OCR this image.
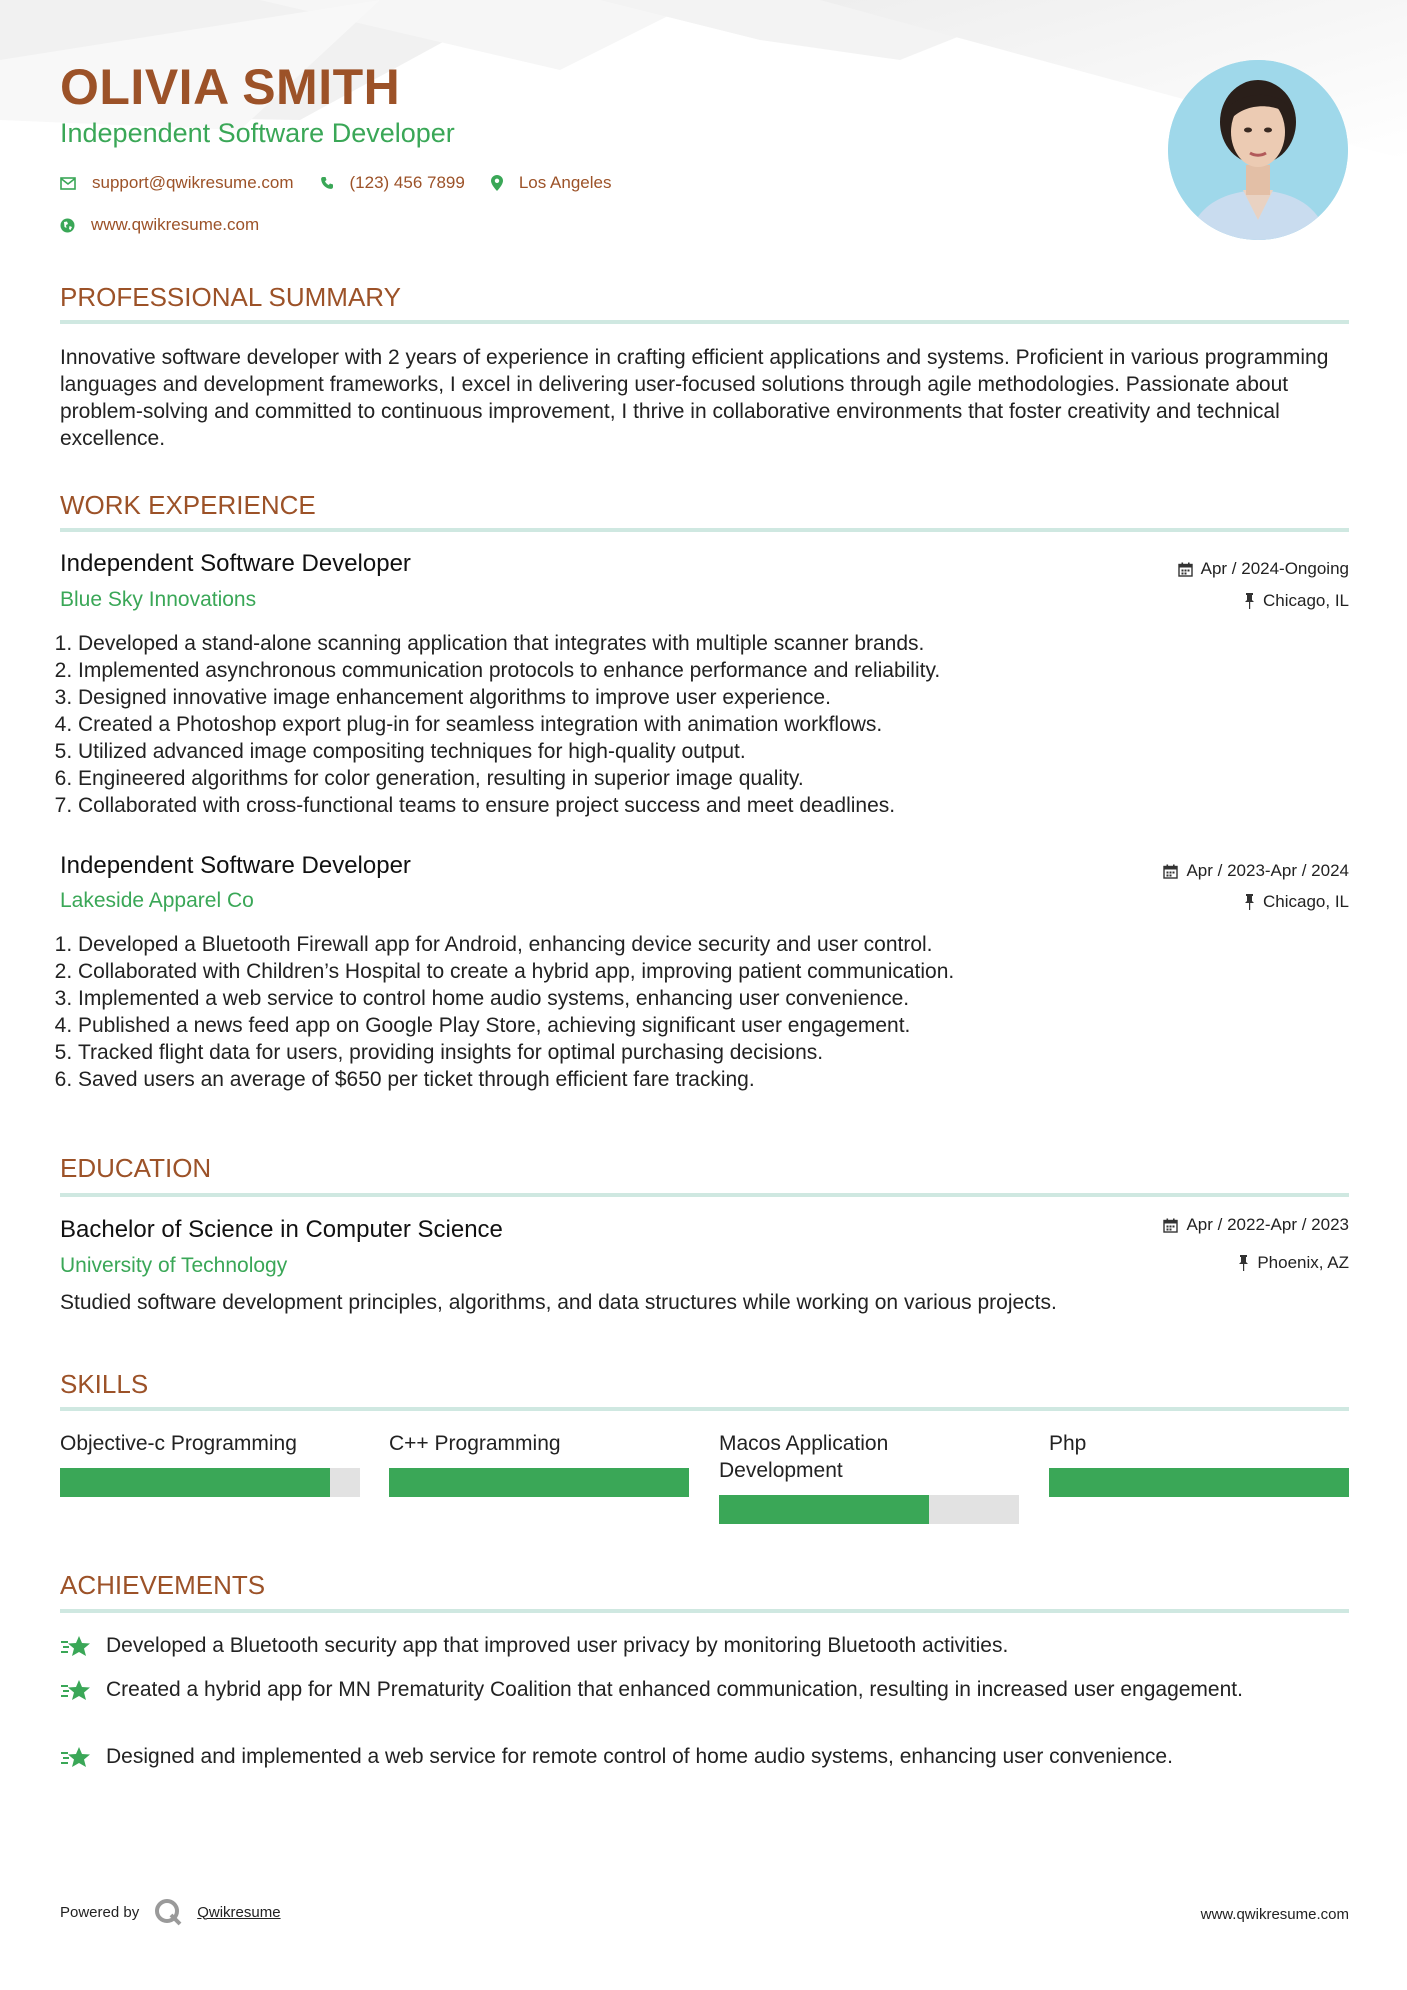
OLIVIA SMITH
Independent Software Developer
support@qwikresume.com	(123) 456 7899	Los Angeles
www.qwikresume.com
PROFESSIONAL SUMMARY

Innovative software developer with 2 years of experience in crafting efficient applications and systems. Proficient in various programming languages and development frameworks, I excel in delivering user-focused solutions through agile methodologies. Passionate about problem-solving and committed to continuous improvement, I thrive in collaborative environments that foster creativity and technical excellence.

WORK EXPERIENCE
Independent Software Developer
Blue Sky Innovations
Apr / 2024-Ongoing
Chicago, IL
1. Developed a stand-alone scanning application that integrates with multiple scanner brands.
2. Implemented asynchronous communication protocols to enhance performance and reliability.
3. Designed innovative image enhancement algorithms to improve user experience.
4. Created a Photoshop export plug-in for seamless integration with animation workflows.
5. Utilized advanced image compositing techniques for high-quality output.
6. Engineered algorithms for color generation, resulting in superior image quality.
7. Collaborated with cross-functional teams to ensure project success and meet deadlines.
Independent Software Developer
Lakeside Apparel Co
Apr / 2023-Apr / 2024
Chicago, IL
1. Developed a Bluetooth Firewall app for Android, enhancing device security and user control.
2. Collaborated with Children’s Hospital to create a hybrid app, improving patient communication.
3. Implemented a web service to control home audio systems, enhancing user convenience.
4. Published a news feed app on Google Play Store, achieving significant user engagement.
5. Tracked flight data for users, providing insights for optimal purchasing decisions.
6. Saved users an average of $650 per ticket through efficient fare tracking.
EDUCATION
Bachelor of Science in Computer Science
University of Technology
Apr / 2022-Apr / 2023
Phoenix, AZ

Studied software development principles, algorithms, and data structures while working on various projects.

SKILLS
Objective-c Programming	C++ Programming	Macos Application Development
Php
ACHIEVEMENTS
Developed a Bluetooth security app that improved user privacy by monitoring Bluetooth activities.
Created a hybrid app for MN Prematurity Coalition that enhanced communication, resulting in increased user engagement.
Designed and implemented a web service for remote control of home audio systems, enhancing user convenience.
Powered by	Qwikresume	www.qwikresume.com
